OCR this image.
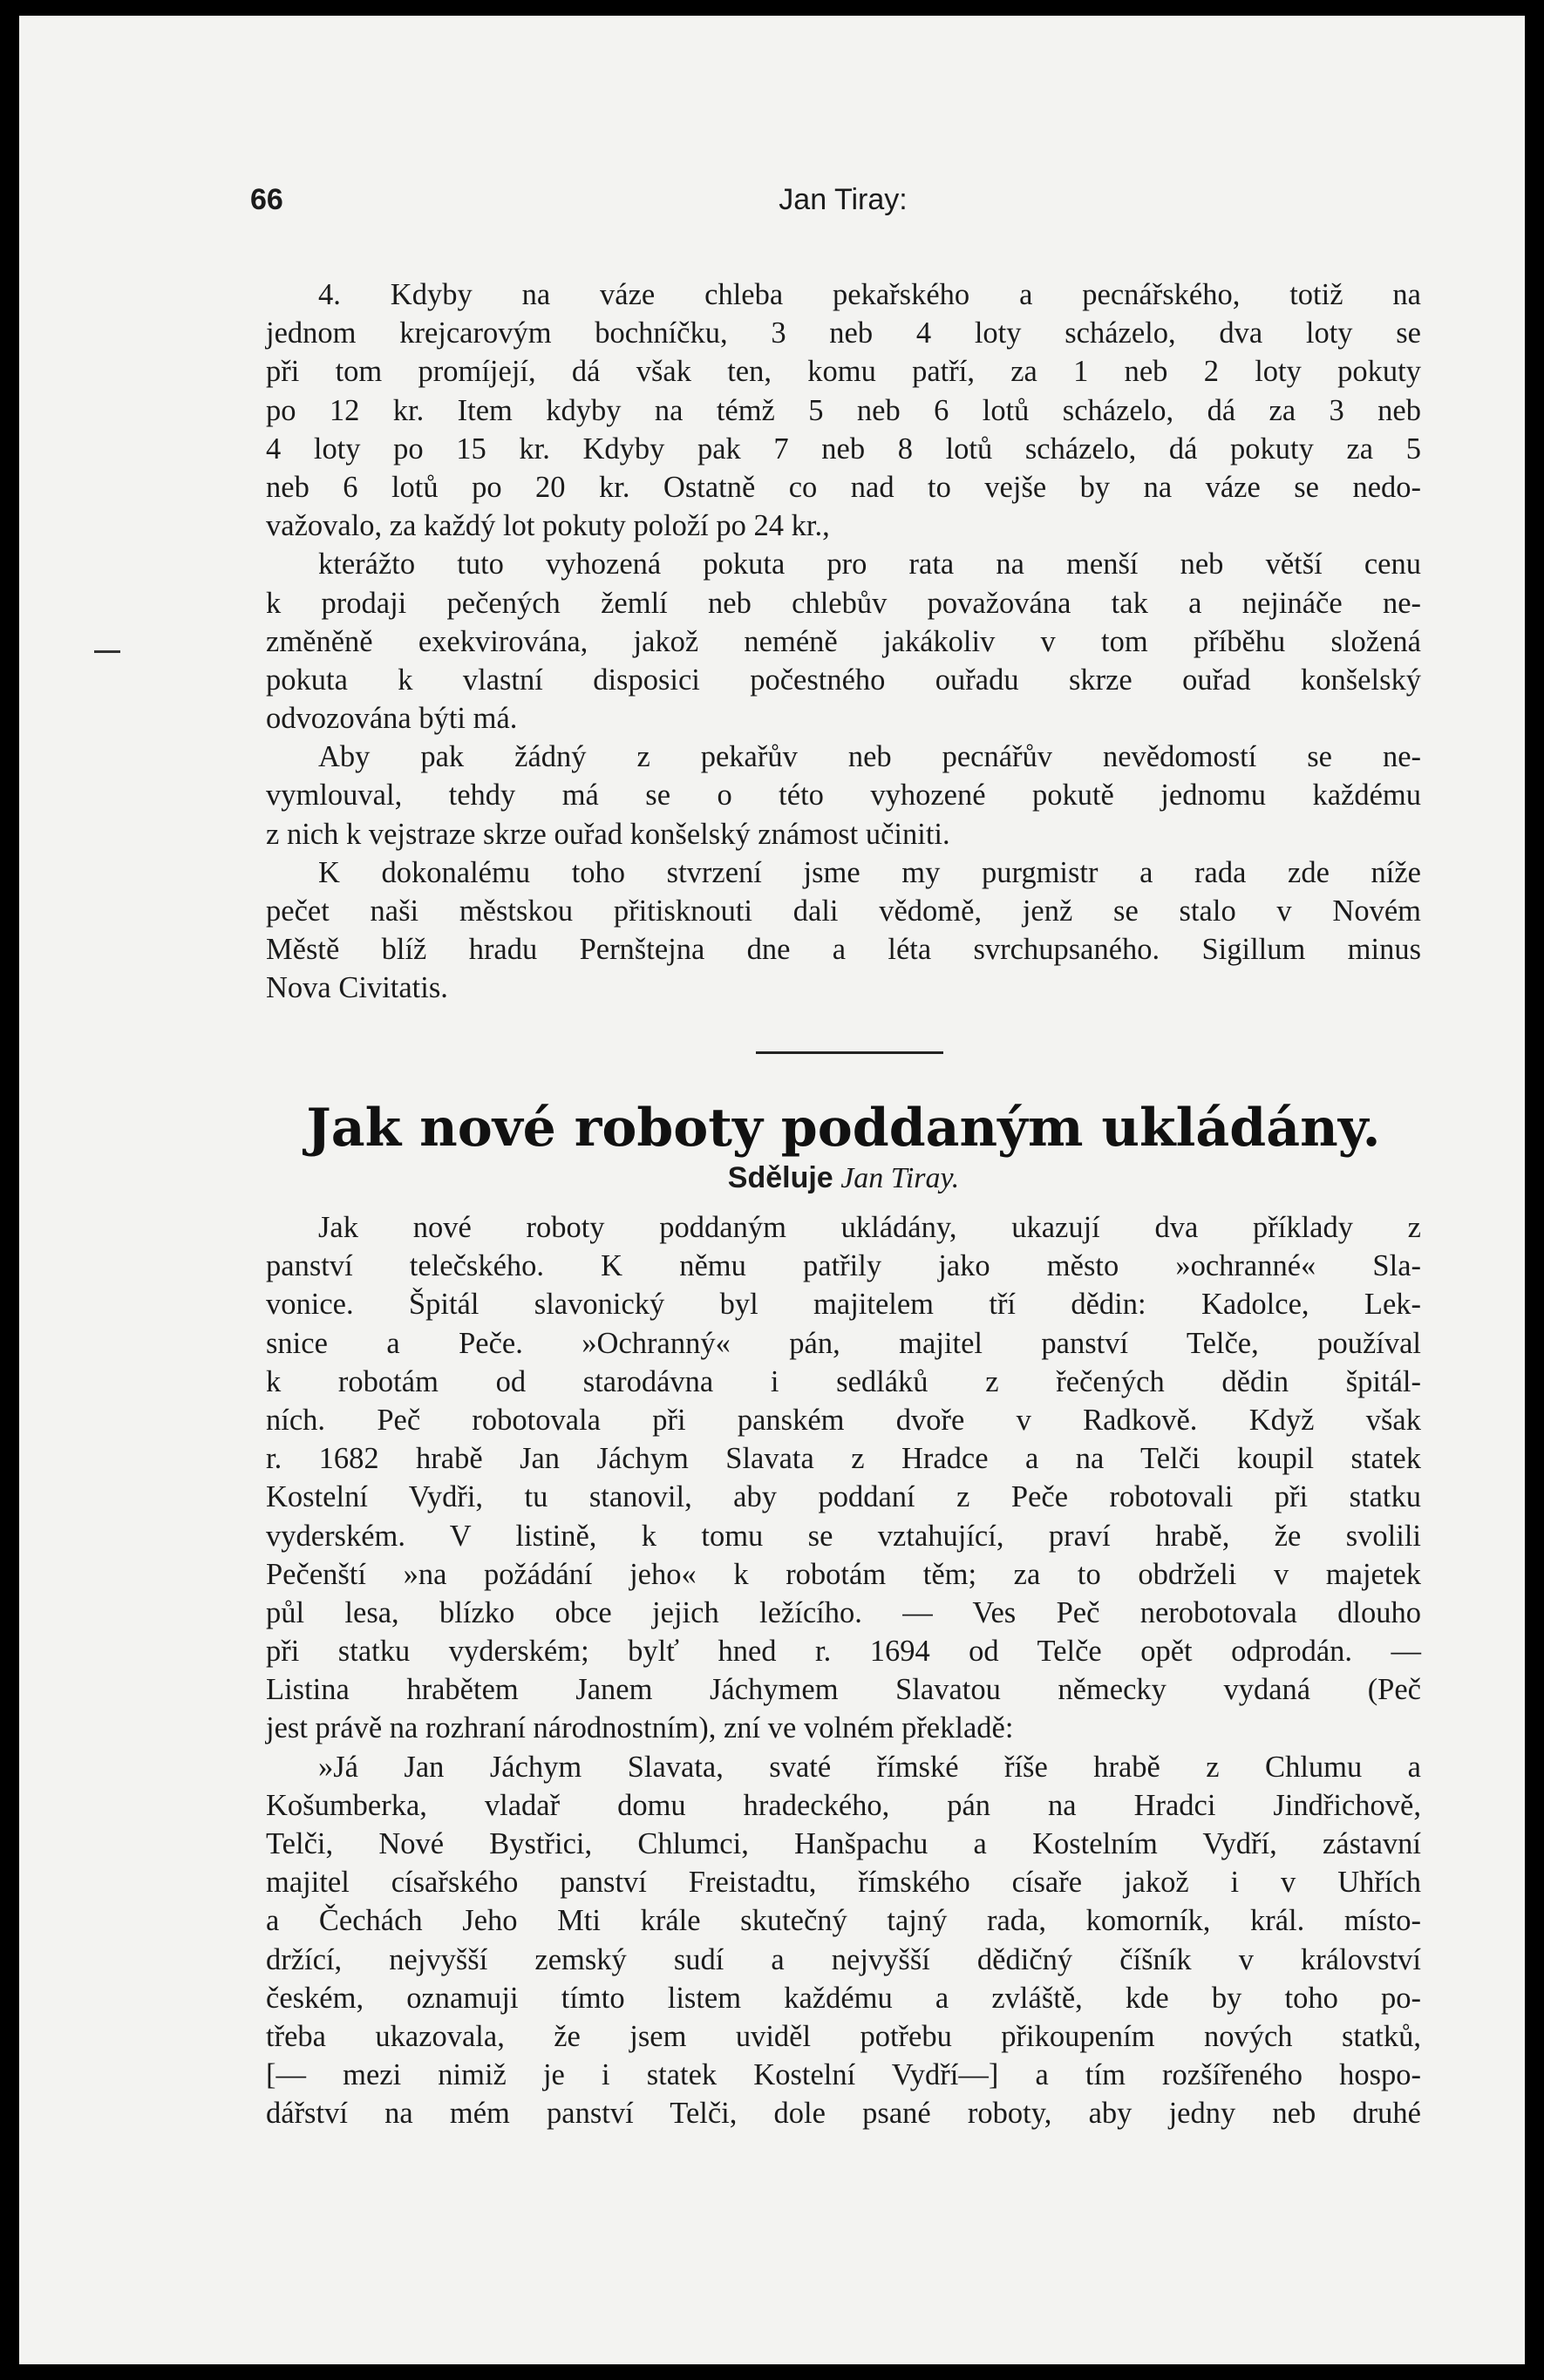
66	Jan Tiray:
4. Kdyby na váze chleba pekařského a pecnářského, totiž na
jednom krejcarovým bochníčku, 3 neb 4 loty scházelo, dva loty se
při tom promíjejí, dá však ten, komu patří, za 1 neb 2 loty pokuty
po 12 kr. Item kdyby na témž 5 neb 6 lotů scházelo, dá za 3 neb
4 loty po 15 kr. Kdyby pak 7 neb 8 lotů scházelo, dá pokuty za 5
neb 6 lotů po 20 kr. Ostatně co nad to vejše by na váze se nedo-
važovalo, za každý lot pokuty položí po 24 kr.,
kterážto tuto vyhozená pokuta pro rata na menší neb větší cenu
k prodaji pečených žemlí neb chlebův považována tak a nejináče ne-
změněně exekvirována, jakož neméně jakákoliv v tom příběhu složená
pokuta k vlastní disposici počestného ouřadu skrze ouřad konšelský
odvozována býti má.
Aby pak žádný z pekařův neb pecnářův nevědomostí se ne-
vymlouval, tehdy má se o této vyhozené pokutě jednomu každému
z nich k vejstraze skrze ouřad konšelský známost učiniti.
K dokonalému toho stvrzení jsme my purgmistr a rada zde níže
pečet naši městskou přitisknouti dali vědomě, jenž se stalo v Novém
Městě blíž hradu Pernštejna dne a léta svrchupsaného. Sigillum minus
Nova Civitatis.
Jak nové roboty poddaným ukládány.
Sděluje Jan Tiray.
Jak nové roboty poddaným ukládány, ukazují dva příklady z
panství telečského. K němu patřily jako město »ochranné« Sla-
vonice. Špitál slavonický byl majitelem tří dědin: Kadolce, Lek-
snice a Peče. »Ochranný« pán, majitel panství Telče, používal
k robotám od starodávna i sedláků z řečených dědin špitál-
ních. Peč robotovala při panském dvoře v Radkově. Když však
r. 1682 hrabě Jan Jáchym Slavata z Hradce a na Telči koupil statek
Kostelní Vydři, tu stanovil, aby poddaní z Peče robotovali při statku
vyderském. V listině, k tomu se vztahující, praví hrabě, že svolili
Pečenští »na požádání jeho« k robotám těm; za to obdrželi v majetek
půl lesa, blízko obce jejich ležícího. — Ves Peč nerobotovala dlouho
při statku vyderském; bylť hned r. 1694 od Telče opět odprodán. —
Listina hrabětem Janem Jáchymem Slavatou německy vydaná (Peč
jest právě na rozhraní národnostním), zní ve volném překladě:
»Já Jan Jáchym Slavata, svaté římské říše hrabě z Chlumu a
Košumberka, vladař domu hradeckého, pán na Hradci Jindřichově,
Telči, Nové Bystřici, Chlumci, Hanšpachu a Kostelním Vydří, zástavní
majitel císařského panství Freistadtu, římského císaře jakož i v Uhřích
a Čechách Jeho Mti krále skutečný tajný rada, komorník, král. místo-
držící, nejvyšší zemský sudí a nejvyšší dědičný číšník v království
českém, oznamuji tímto listem každému a zvláště, kde by toho po-
třeba ukazovala, že jsem uviděl potřebu přikoupením nových statků,
[— mezi nimiž je i statek Kostelní Vydří—] a tím rozšířeného hospo-
dářství na mém panství Telči, dole psané roboty, aby jedny neb druhé
